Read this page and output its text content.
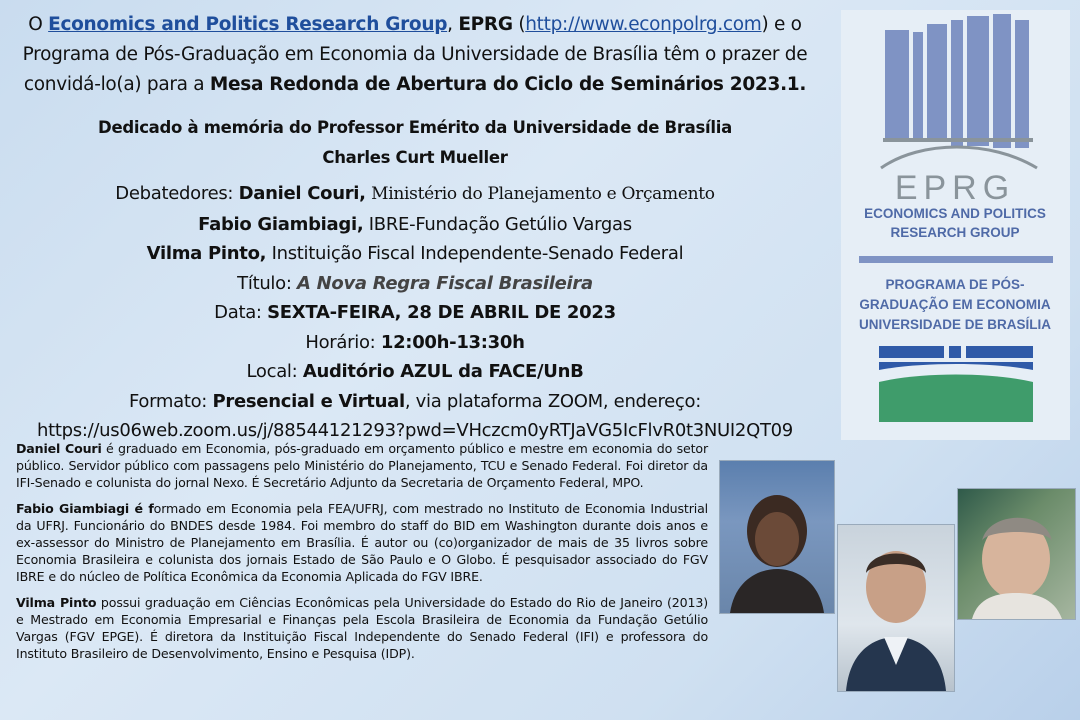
O Economics and Politics Research Group, EPRG (http://www.econpolrg.com) e o Programa de Pós-Graduação em Economia da Universidade de Brasília têm o prazer de convidá-lo(a) para a Mesa Redonda de Abertura do Ciclo de Seminários 2023.1.
Dedicado à memória do Professor Emérito da Universidade de Brasília
Charles Curt Mueller
Debatedores: Daniel Couri, Ministério do Planejamento e Orçamento
Fabio Giambiagi, IBRE-Fundação Getúlio Vargas
Vilma Pinto, Instituição Fiscal Independente-Senado Federal
Título: A Nova Regra Fiscal Brasileira
Data: SEXTA-FEIRA, 28 DE ABRIL DE 2023
Horário: 12:00h-13:30h
Local: Auditório AZUL da FACE/UnB
Formato: Presencial e Virtual, via plataforma ZOOM, endereço:
https://us06web.zoom.us/j/88544121293?pwd=VHczcm0yRTJaVG5IcFlvR0t3NUI2QT09

Daniel Couri é graduado em Economia, pós-graduado em orçamento público e mestre em economia do setor público. Servidor público com passagens pelo Ministério do Planejamento, TCU e Senado Federal. Foi diretor da IFI-Senado e colunista do jornal Nexo. É Secretário Adjunto da Secretaria de Orçamento Federal, MPO.

Fabio Giambiagi é formado em Economia pela FEA/UFRJ, com mestrado no Instituto de Economia Industrial da UFRJ. Funcionário do BNDES desde 1984. Foi membro do staff do BID em Washington durante dois anos e ex-assessor do Ministro de Planejamento em Brasília. É autor ou (co)organizador de mais de 35 livros sobre Economia Brasileira e colunista dos jornais Estado de São Paulo e O Globo. É pesquisador associado do FGV IBRE e do núcleo de Política Econômica da Economia Aplicada do FGV IBRE.

Vilma Pinto possui graduação em Ciências Econômicas pela Universidade do Estado do Rio de Janeiro (2013) e Mestrado em Economia Empresarial e Finanças pela Escola Brasileira de Economia da Fundação Getúlio Vargas (FGV EPGE). É diretora da Instituição Fiscal Independente do Senado Federal (IFI) e professora do Instituto Brasileiro de Desenvolvimento, Ensino e Pesquisa (IDP).

EPRG
ECONOMICS AND POLITICS
RESEARCH GROUP
PROGRAMA DE PÓS-
GRADUAÇÃO EM ECONOMIA
UNIVERSIDADE DE BRASÍLIA
